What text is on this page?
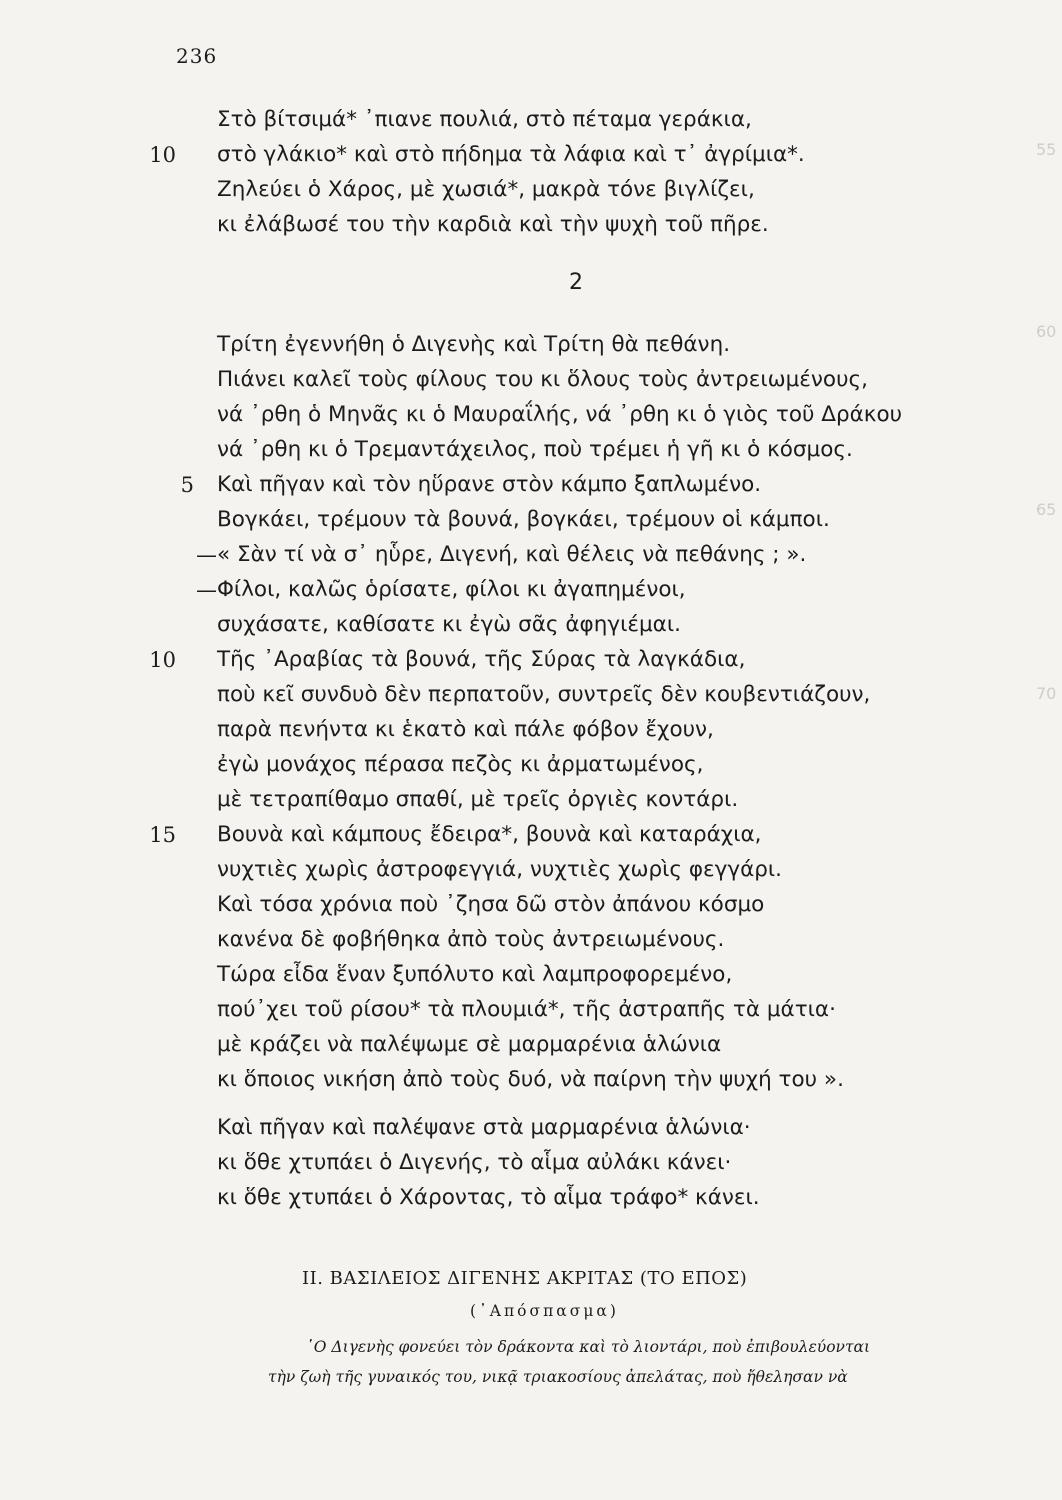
55
60
65
70
236
10
Στὸ βίτσιμά* ᾿πιανε πουλιά, στὸ πέταμα γεράκια,
στὸ γλάκιο* καὶ στὸ πήδημα τὰ λάφια καὶ τ᾿ ἀγρίμια*.
Ζηλεύει ὁ Χάρος, μὲ χωσιά*, μακρὰ τόνε βιγλίζει,
κι ἐλάβωσέ του τὴν καρδιὰ καὶ τὴν ψυχὴ τοῦ πῆρε.
2
Τρίτη ἐγεννήθη ὁ Διγενὴς καὶ Τρίτη θὰ πεθάνη.
Πιάνει καλεῖ τοὺς φίλους του κι ὅλους τοὺς ἀντρειωμένους,
νά ᾿ρθη ὁ Μηνᾶς κι ὁ Μαυραΐλής, νά ᾿ρθη κι ὁ γιὸς τοῦ Δράκου
νά ᾿ρθη κι ὁ Τρεμαντάχειλος, ποὺ τρέμει ἡ γῆ κι ὁ κόσμος.
5 Καὶ πῆγαν καὶ τὸν ηὕρανε στὸν κάμπο ξαπλωμένο.
Βογκάει, τρέμουν τὰ βουνά, βογκάει, τρέμουν οἱ κάμποι.
— « Σὰν τί νὰ σ᾿ ηὗρε, Διγενή, καὶ θέλεις νὰ πεθάνης ; ».
— Φίλοι, καλῶς ὁρίσατε, φίλοι κι ἀγαπημένοι,
συχάσατε, καθίσατε κι ἐγὼ σᾶς ἀφηγιέμαι.
10 Τῆς ᾿Αραβίας τὰ βουνά, τῆς Σύρας τὰ λαγκάδια,
ποὺ κεῖ συνδυὸ δὲν περπατοῦν, συντρεῖς δὲν κουβεντιάζουν,
παρὰ πενήντα κι ἑκατὸ καὶ πάλε φόβον ἔχουν,
ἐγὼ μονάχος πέρασα πεζὸς κι ἀρματωμένος,
μὲ τετραπίθαμο σπαθί, μὲ τρεῖς ὀργιὲς κοντάρι.
15 Βουνὰ καὶ κάμπους ἔδειρα*, βουνὰ καὶ καταράχια,
νυχτιὲς χωρὶς ἀστροφεγγιά, νυχτιὲς χωρὶς φεγγάρι.
Καὶ τόσα χρόνια ποὺ ᾿ζησα δῶ στὸν ἀπάνου κόσμο
κανένα δὲ φοβήθηκα ἀπὸ τοὺς ἀντρειωμένους.
Τώρα εἶδα ἕναν ξυπόλυτο καὶ λαμπροφορεμένο,
πού᾿χει τοῦ ρίσου* τὰ πλουμιά*, τῆς ἀστραπῆς τὰ μάτια·
μὲ κράζει νὰ παλέψωμε σὲ μαρμαρένια ἁλώνια
κι ὅποιος νικήση ἀπὸ τοὺς δυό, νὰ παίρνη τὴν ψυχή του ».
Καὶ πῆγαν καὶ παλέψανε στὰ μαρμαρένια ἁλώνια·
κι ὅθε χτυπάει ὁ Διγενής, τὸ αἷμα αὐλάκι κάνει·
κι ὅθε χτυπάει ὁ Χάροντας, τὸ αἷμα τράφο* κάνει.
II. ΒΑΣΙΛΕΙΟΣ ΔΙΓΕΝΗΣ ΑΚΡΙΤΑΣ (ΤΟ ΕΠΟΣ)
(᾿Απόσπασμα)
῾Ο Διγενὴς φονεύει τὸν δράκοντα καὶ τὸ λιοντάρι, ποὺ ἐπιβουλεύονται
τὴν ζωὴ τῆς γυναικός του, νικᾷ τριακοσίους ἀπελάτας, ποὺ ἤθελησαν νὰ
